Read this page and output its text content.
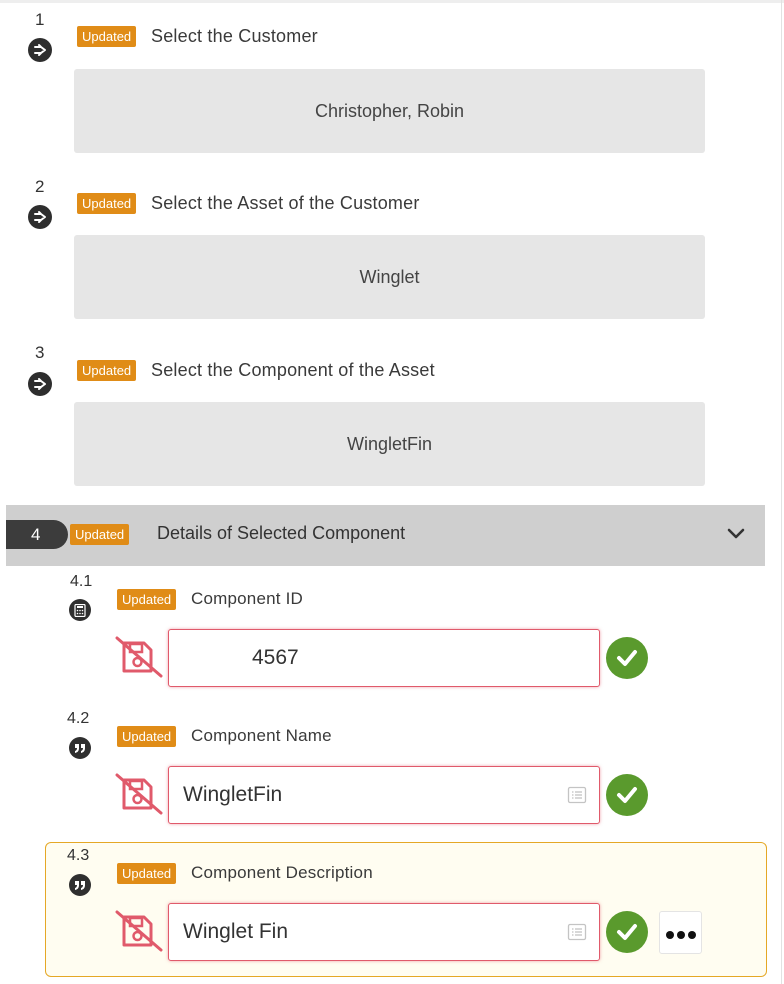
1
Updated Select the Customer
Christopher, Robin
2
Updated Select the Asset of the Customer
Winglet
3
Updated Select the Component of the Asset
WingletFin
4	Updated Details of Selected Component
4.1
Updated Component ID
4567
4.2
Updated Component Name
WingletFin
4.3
Updated Component Description
Winglet Fin
